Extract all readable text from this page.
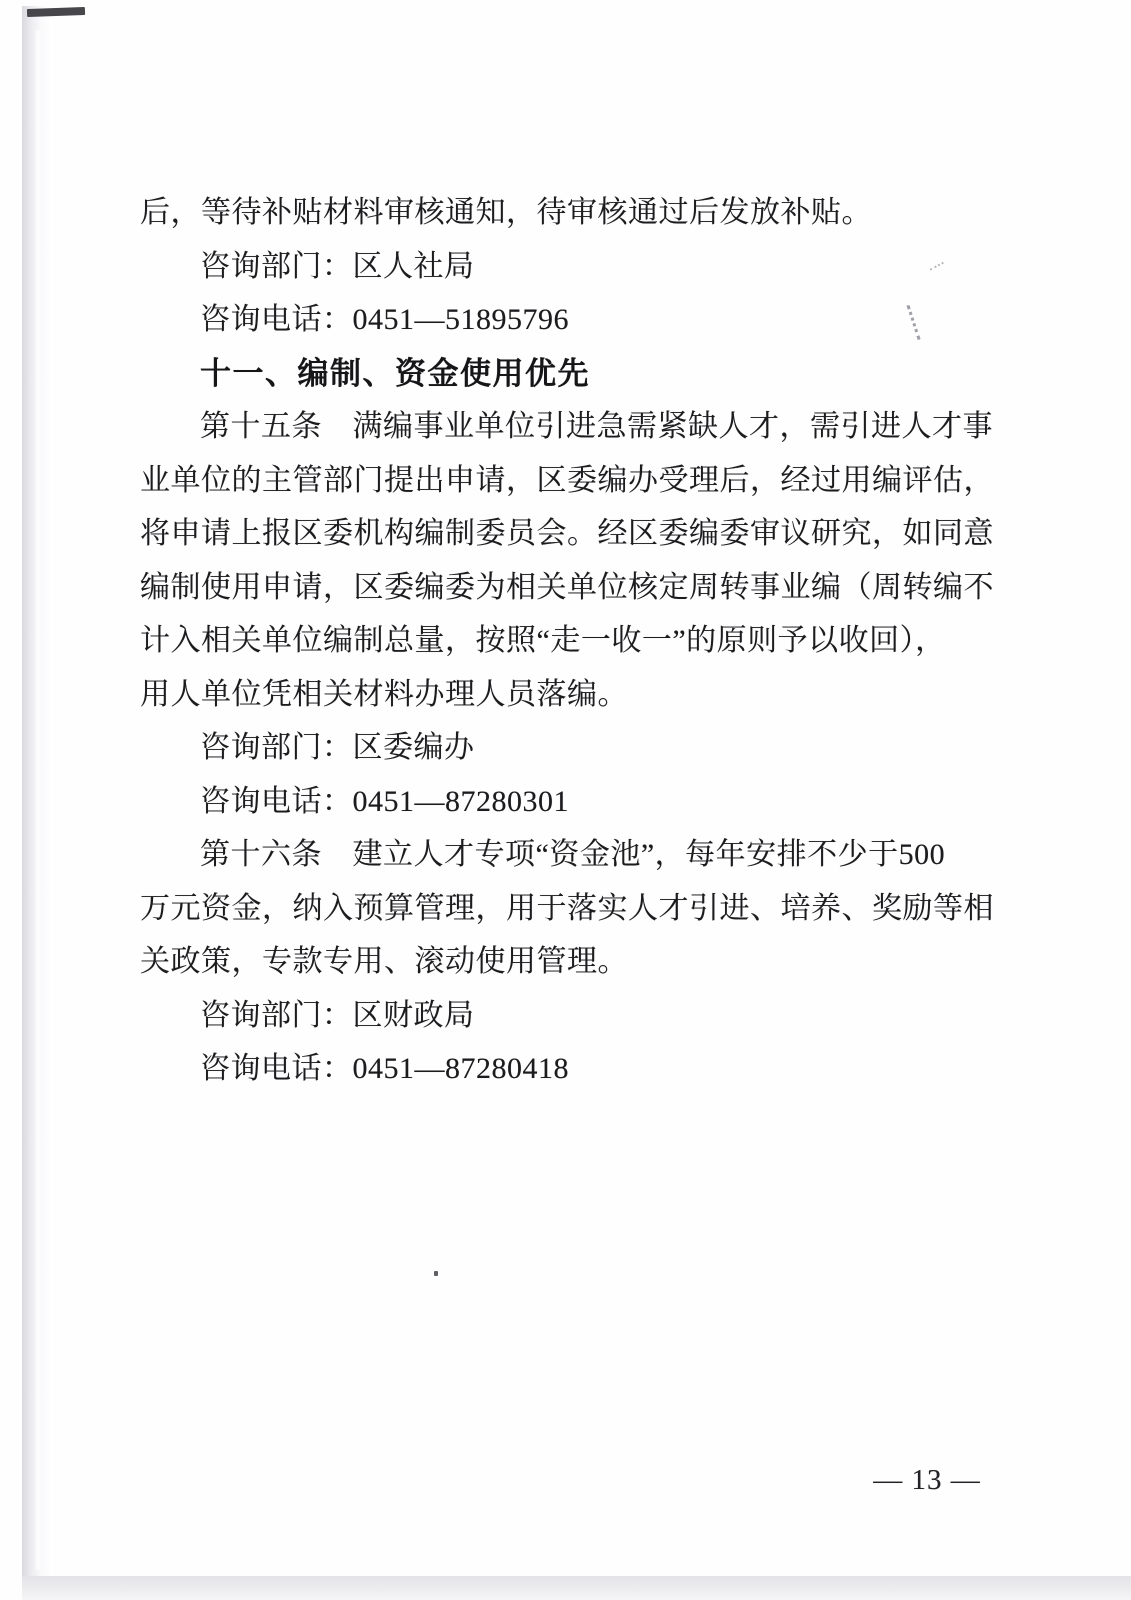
后，等待补贴材料审核通知，待审核通过后发放补贴。
咨询部门：区人社局
咨询电话：0451—51895796
十一、编制、资金使用优先
第十五条　满编事业单位引进急需紧缺人才，需引进人才事
业单位的主管部门提出申请，区委编办受理后，经过用编评估，
将申请上报区委机构编制委员会。经区委编委审议研究，如同意
编制使用申请，区委编委为相关单位核定周转事业编（周转编不
计入相关单位编制总量，按照“走一收一”的原则予以收回），
用人单位凭相关材料办理人员落编。
咨询部门：区委编办
咨询电话：0451—87280301
第十六条　建立人才专项“资金池”，每年安排不少于500
万元资金，纳入预算管理，用于落实人才引进、培养、奖励等相
关政策，专款专用、滚动使用管理。
咨询部门：区财政局
咨询电话：0451—87280418
— 13 —
